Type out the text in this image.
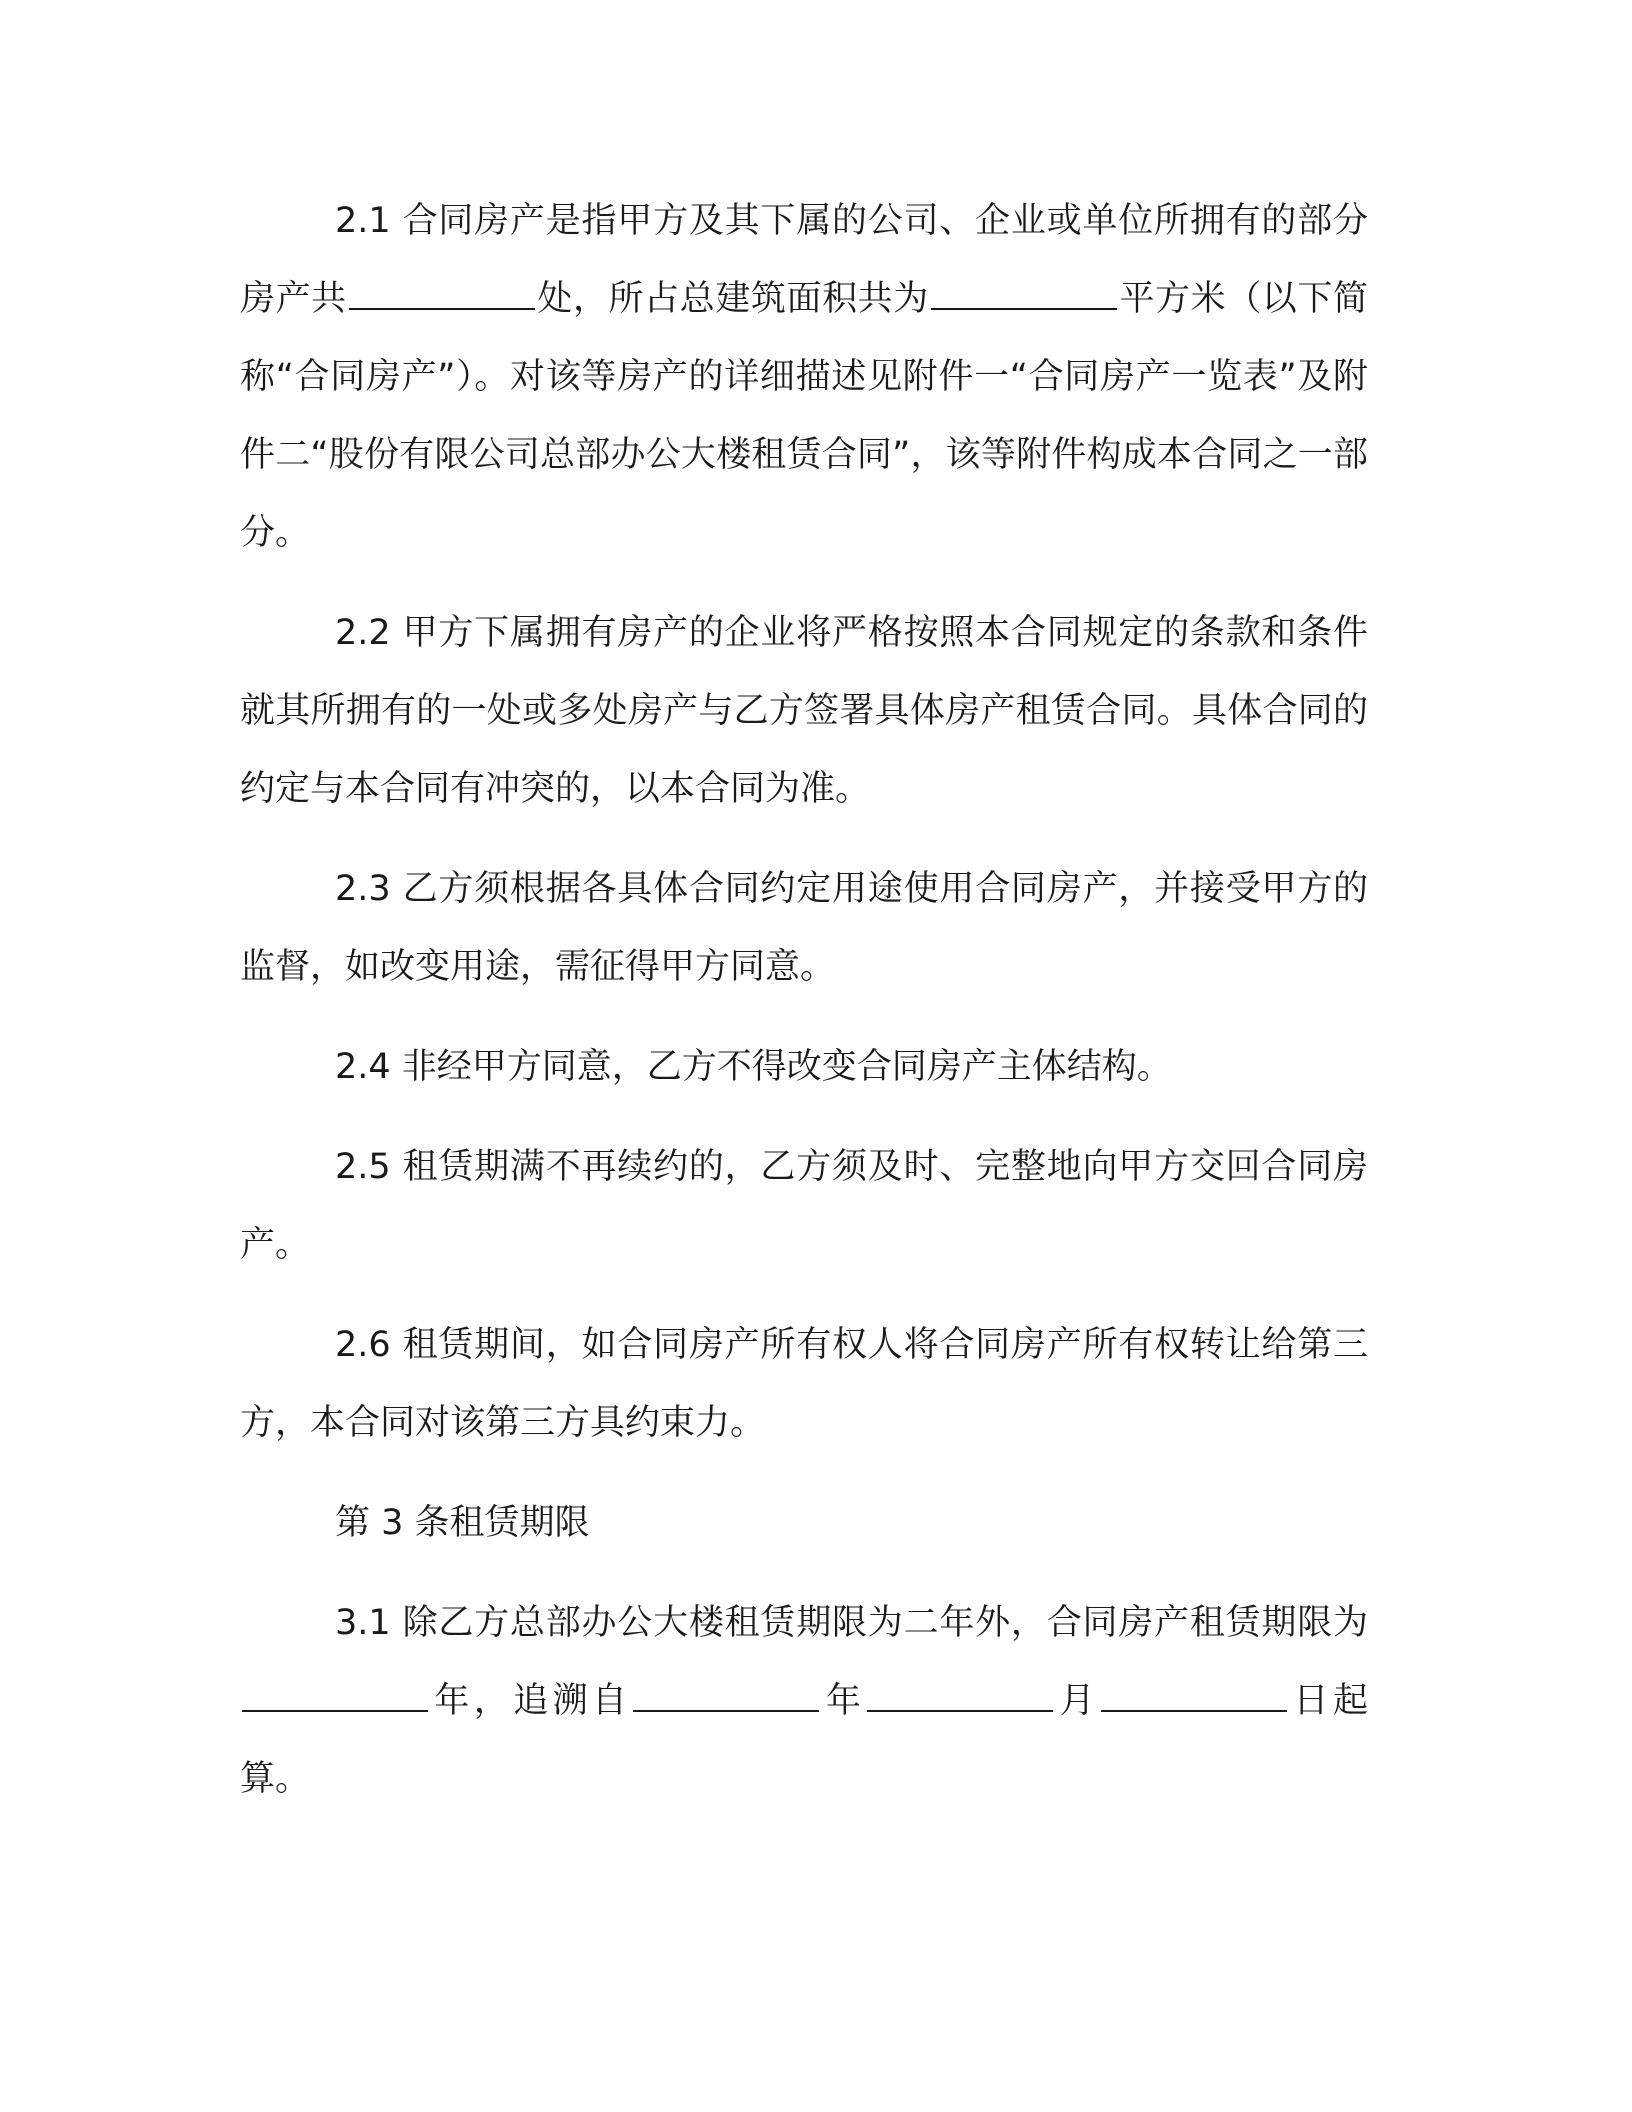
2.1 合同房产是指甲方及其下属的公司、企业或单位所拥有的部分房产共	处，所占总建筑面积共为	平方米（以下简称“合同房产”）。对该等房产的详细描述见附件一“合同房产一览表”及附件二“股份有限公司总部办公大楼租赁合同”，该等附件构成本合同之一部分。

2.2 甲方下属拥有房产的企业将严格按照本合同规定的条款和条件就其所拥有的一处或多处房产与乙方签署具体房产租赁合同。具体合同的约定与本合同有冲突的，以本合同为准。

2.3 乙方须根据各具体合同约定用途使用合同房产，并接受甲方的监督，如改变用途，需征得甲方同意。

2.4 非经甲方同意，乙方不得改变合同房产主体结构。

2.5 租赁期满不再续约的，乙方须及时、完整地向甲方交回合同房产。

2.6 租赁期间，如合同房产所有权人将合同房产所有权转让给第三方，本合同对该第三方具约束力。

第 3 条租赁期限

3.1 除乙方总部办公大楼租赁期限为二年外，合同房产租赁期限为年，追溯自	年	月	日起算。
